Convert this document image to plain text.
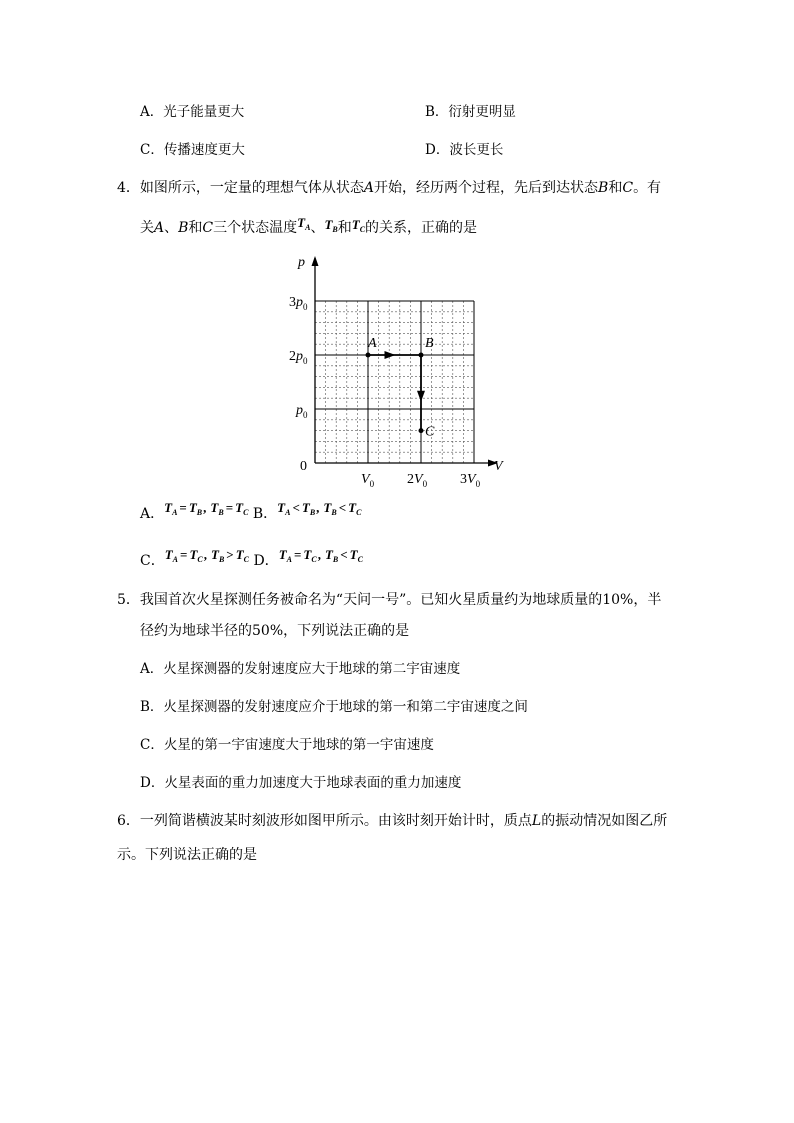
A．光子能量更大	B．衍射更明显
C．传播速度更大	D．波长更长
4．如图所示，一定量的理想气体从状态A开始，经历两个过程，先后到达状态B和C。有
关A、B和C三个状态温度$T_A$、$T_B$和$T_C$的关系，正确的是
p
V
0
$3p_0$
$2p_0$
$p_0$
$V_0$ $2V_0$ $3V_0$
A	B
C
A．$T_A = T_B$, $T_B = T_C$ B．$T_A < T_B$, $T_B < T_C$
C．$T_A = T_C$, $T_B > T_C$ D．$T_A = T_C$, $T_B < T_C$
5．我国首次火星探测任务被命名为“天问一号”。已知火星质量约为地球质量的10%，半
径约为地球半径的50%，下列说法正确的是
A．火星探测器的发射速度应大于地球的第二宇宙速度
B．火星探测器的发射速度应介于地球的第一和第二宇宙速度之间
C．火星的第一宇宙速度大于地球的第一宇宙速度
D．火星表面的重力加速度大于地球表面的重力加速度
6．一列简谐横波某时刻波形如图甲所示。由该时刻开始计时，质点L的振动情况如图乙所
示。下列说法正确的是
